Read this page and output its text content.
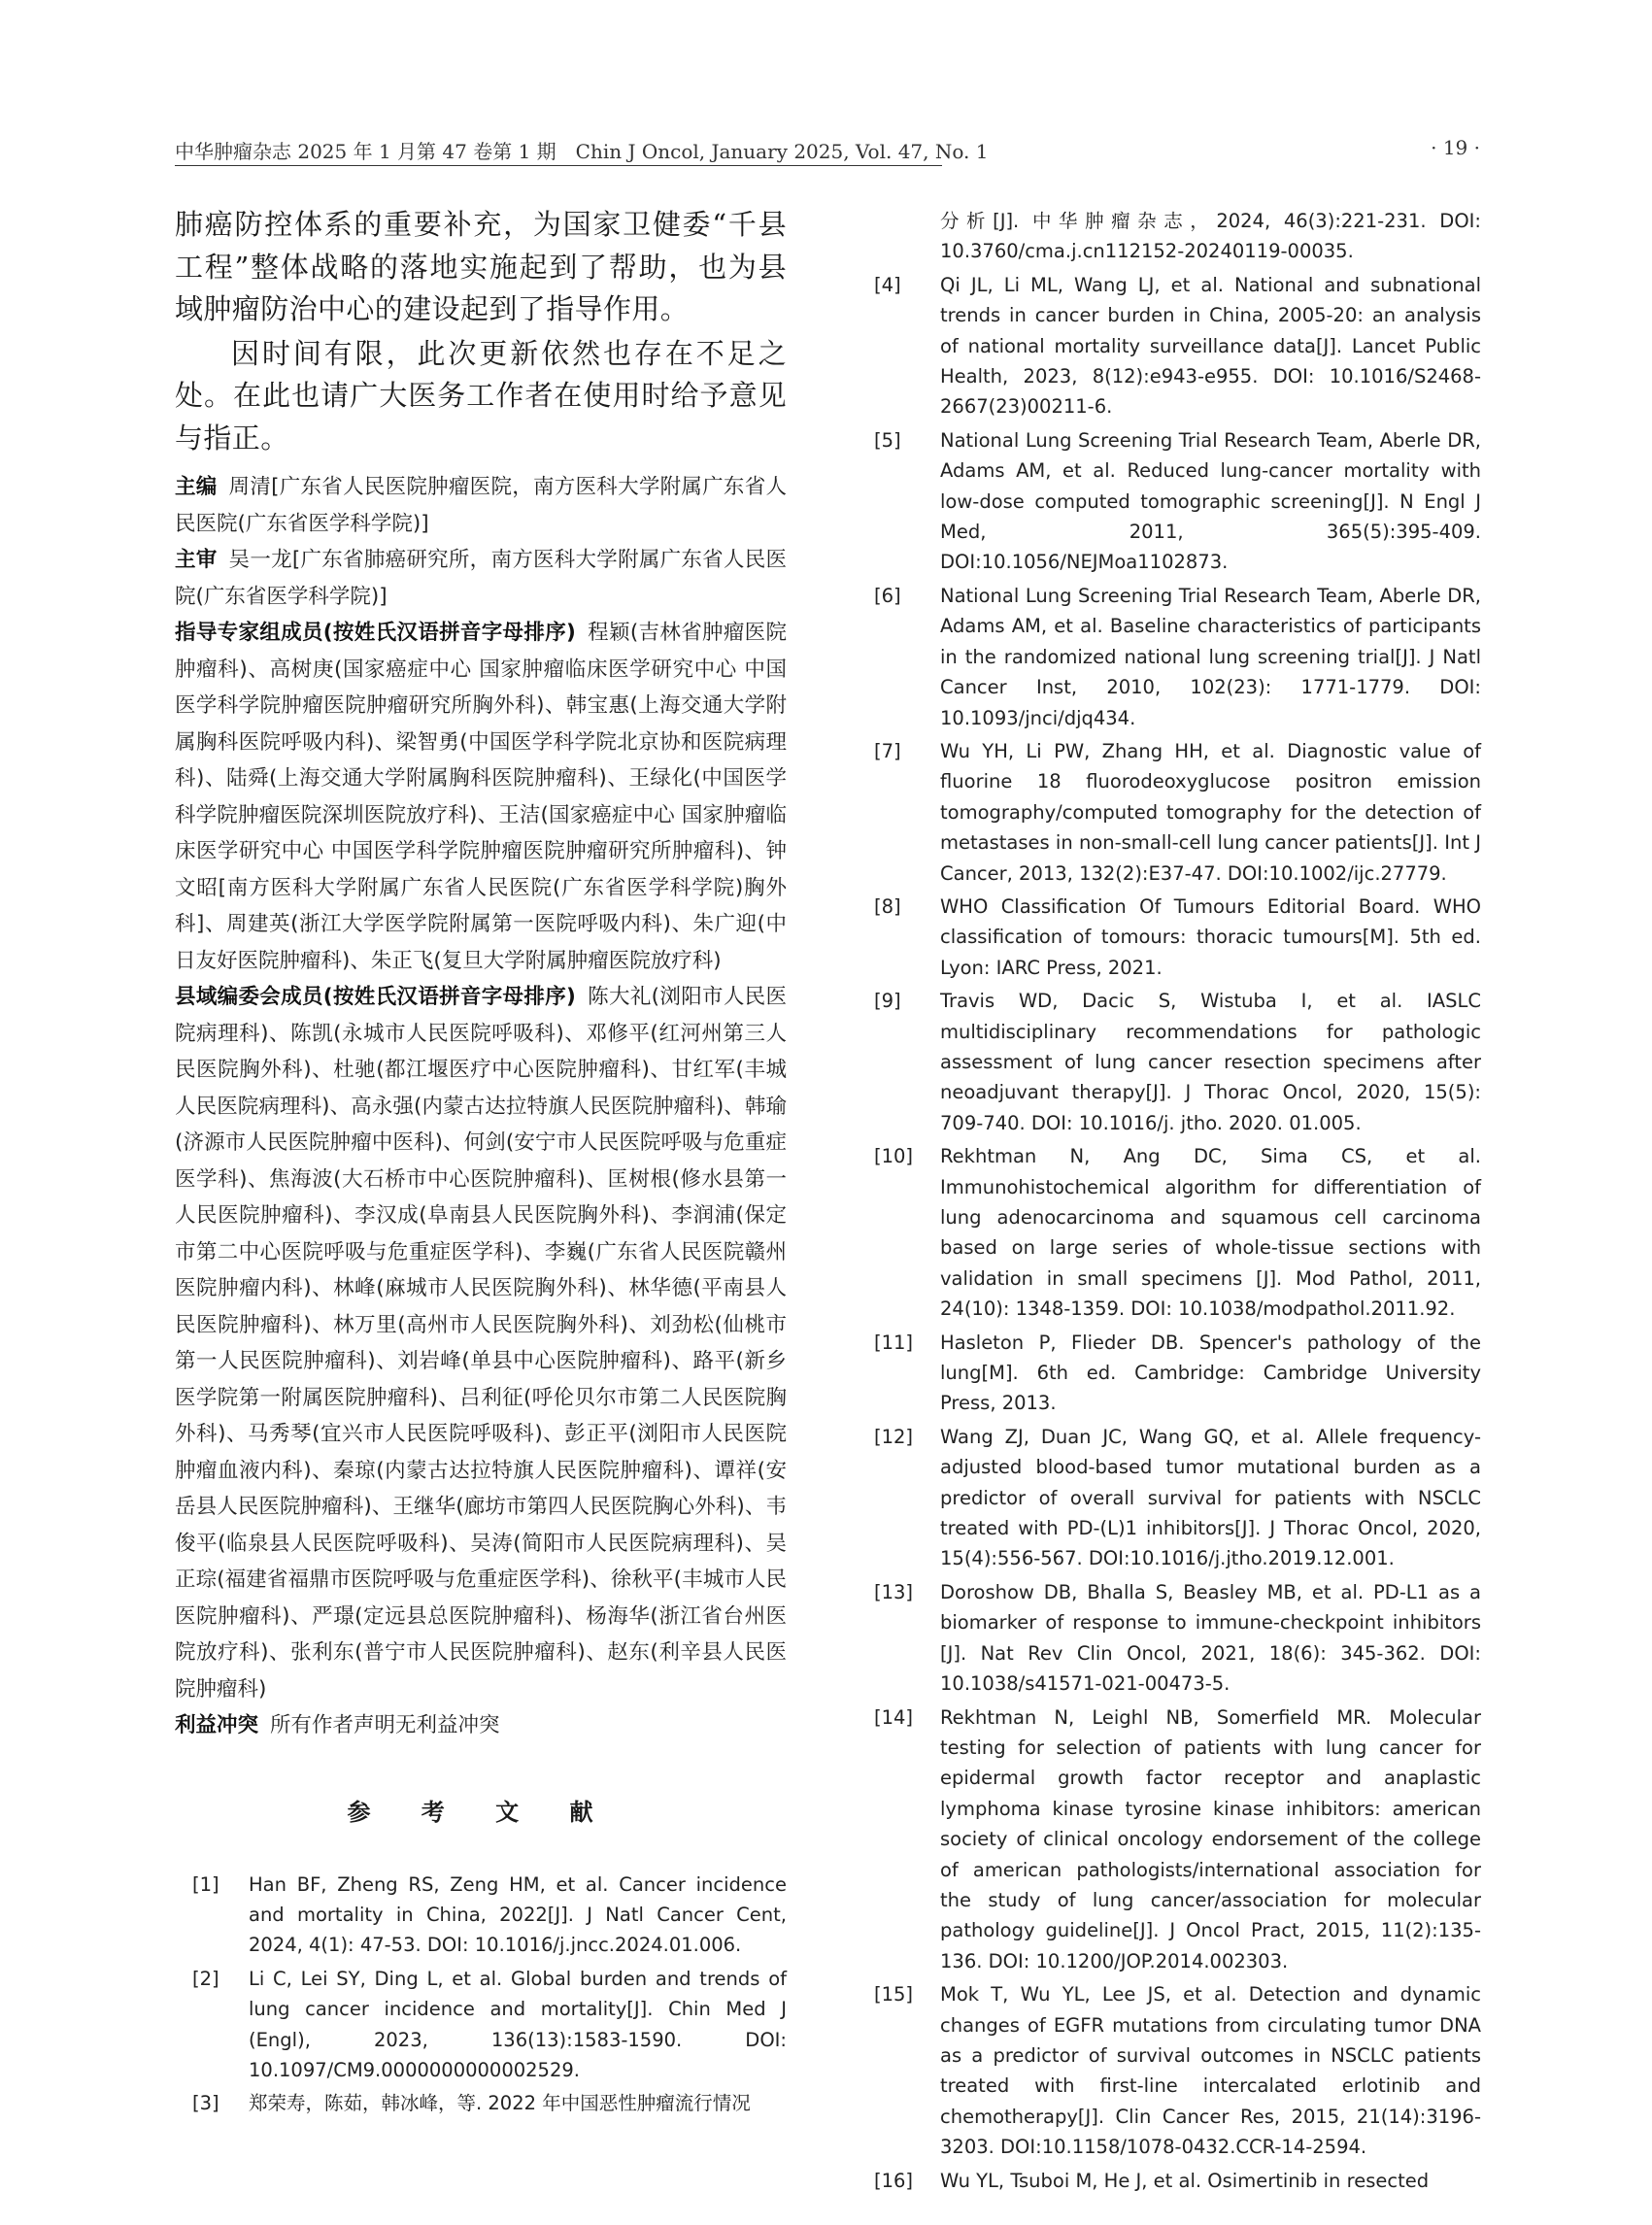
中华肿瘤杂志 2025 年 1 月第 47 卷第 1 期　Chin J Oncol, January 2025, Vol. 47, No. 1	· 19 ·

肺癌防控体系的重要补充，为国家卫健委“千县工程”整体战略的落地实施起到了帮助，也为县域肿瘤防治中心的建设起到了指导作用。

因时间有限，此次更新依然也存在不足之处。在此也请广大医务工作者在使用时给予意见与指正。

主编 周清[广东省人民医院肿瘤医院，南方医科大学附属广东省人民医院(广东省医学科学院)]

主审 吴一龙[广东省肺癌研究所，南方医科大学附属广东省人民医院(广东省医学科学院)]

指导专家组成员(按姓氏汉语拼音字母排序) 程颖(吉林省肿瘤医院肿瘤科)、高树庚(国家癌症中心 国家肿瘤临床医学研究中心 中国医学科学院肿瘤医院肿瘤研究所胸外科)、韩宝惠(上海交通大学附属胸科医院呼吸内科)、梁智勇(中国医学科学院北京协和医院病理科)、陆舜(上海交通大学附属胸科医院肿瘤科)、王绿化(中国医学科学院肿瘤医院深圳医院放疗科)、王洁(国家癌症中心 国家肿瘤临床医学研究中心 中国医学科学院肿瘤医院肿瘤研究所肿瘤科)、钟文昭[南方医科大学附属广东省人民医院(广东省医学科学院)胸外科]、周建英(浙江大学医学院附属第一医院呼吸内科)、朱广迎(中日友好医院肿瘤科)、朱正飞(复旦大学附属肿瘤医院放疗科)

县域编委会成员(按姓氏汉语拼音字母排序) 陈大礼(浏阳市人民医院病理科)、陈凯(永城市人民医院呼吸科)、邓修平(红河州第三人民医院胸外科)、杜驰(都江堰医疗中心医院肿瘤科)、甘红军(丰城人民医院病理科)、高永强(内蒙古达拉特旗人民医院肿瘤科)、韩瑜(济源市人民医院肿瘤中医科)、何剑(安宁市人民医院呼吸与危重症医学科)、焦海波(大石桥市中心医院肿瘤科)、匡树根(修水县第一人民医院肿瘤科)、李汉成(阜南县人民医院胸外科)、李润浦(保定市第二中心医院呼吸与危重症医学科)、李巍(广东省人民医院赣州医院肿瘤内科)、林峰(麻城市人民医院胸外科)、林华德(平南县人民医院肿瘤科)、林万里(高州市人民医院胸外科)、刘劲松(仙桃市第一人民医院肿瘤科)、刘岩峰(单县中心医院肿瘤科)、路平(新乡医学院第一附属医院肿瘤科)、吕利征(呼伦贝尔市第二人民医院胸外科)、马秀琴(宜兴市人民医院呼吸科)、彭正平(浏阳市人民医院肿瘤血液内科)、秦琼(内蒙古达拉特旗人民医院肿瘤科)、谭祥(安岳县人民医院肿瘤科)、王继华(廊坊市第四人民医院胸心外科)、韦俊平(临泉县人民医院呼吸科)、吴涛(简阳市人民医院病理科)、吴正琮(福建省福鼎市医院呼吸与危重症医学科)、徐秋平(丰城市人民医院肿瘤科)、严璟(定远县总医院肿瘤科)、杨海华(浙江省台州医院放疗科)、张利东(普宁市人民医院肿瘤科)、赵东(利辛县人民医院肿瘤科)

利益冲突 所有作者声明无利益冲突

参 考 文 献
[1]	Han BF, Zheng RS, Zeng HM, et al. Cancer incidence and mortality in China, 2022[J]. J Natl Cancer Cent, 2024, 4(1): 47-53. DOI: 10.1016/j.jncc.2024.01.006.
[2]	Li C, Lei SY, Ding L, et al. Global burden and trends of lung cancer incidence and mortality[J]. Chin Med J (Engl), 2023, 136(13):1583-1590. DOI: 10.1097/CM9.0000000000002529.
[3]	郑荣寿，陈茹，韩冰峰，等. 2022 年中国恶性肿瘤流行情况
分析[J]. 中华肿瘤杂志，2024, 46(3):221-231. DOI: 10.3760/cma.j.cn112152-20240119-00035.
[4]	Qi JL, Li ML, Wang LJ, et al. National and subnational trends in cancer burden in China, 2005-20: an analysis of national mortality surveillance data[J]. Lancet Public Health, 2023, 8(12):e943-e955. DOI: 10.1016/S2468-2667(23)00211-6.
[5]	National Lung Screening Trial Research Team, Aberle DR, Adams AM, et al. Reduced lung-cancer mortality with low-dose computed tomographic screening[J]. N Engl J Med, 2011, 365(5):395-409. DOI:10.1056/NEJMoa1102873.
[6]	National Lung Screening Trial Research Team, Aberle DR, Adams AM, et al. Baseline characteristics of participants in the randomized national lung screening trial[J]. J Natl Cancer Inst, 2010, 102(23): 1771-1779. DOI: 10.1093/jnci/djq434.
[7]	Wu YH, Li PW, Zhang HH, et al. Diagnostic value of fluorine 18 fluorodeoxyglucose positron emission tomography/computed tomography for the detection of metastases in non-small-cell lung cancer patients[J]. Int J Cancer, 2013, 132(2):E37-47. DOI:10.1002/ijc.27779.
[8]	WHO Classification Of Tumours Editorial Board. WHO classification of tomours: thoracic tumours[M]. 5th ed. Lyon: IARC Press, 2021.
[9]	Travis WD, Dacic S, Wistuba I, et al. IASLC multidisciplinary recommendations for pathologic assessment of lung cancer resection specimens after neoadjuvant therapy[J]. J Thorac Oncol, 2020, 15(5): 709-740. DOI: 10.1016/j. jtho. 2020. 01.005.
[10]	Rekhtman N, Ang DC, Sima CS, et al. Immunohistochemical algorithm for differentiation of lung adenocarcinoma and squamous cell carcinoma based on large series of whole-tissue sections with validation in small specimens [J]. Mod Pathol, 2011, 24(10): 1348-1359. DOI: 10.1038/modpathol.2011.92.
[11]	Hasleton P, Flieder DB. Spencer's pathology of the lung[M]. 6th ed. Cambridge: Cambridge University Press, 2013.
[12]	Wang ZJ, Duan JC, Wang GQ, et al. Allele frequency-adjusted blood-based tumor mutational burden as a predictor of overall survival for patients with NSCLC treated with PD-(L)1 inhibitors[J]. J Thorac Oncol, 2020, 15(4):556-567. DOI:10.1016/j.jtho.2019.12.001.
[13]	Doroshow DB, Bhalla S, Beasley MB, et al. PD-L1 as a biomarker of response to immune-checkpoint inhibitors [J]. Nat Rev Clin Oncol, 2021, 18(6): 345-362. DOI: 10.1038/s41571-021-00473-5.
[14]	Rekhtman N, Leighl NB, Somerfield MR. Molecular testing for selection of patients with lung cancer for epidermal growth factor receptor and anaplastic lymphoma kinase tyrosine kinase inhibitors: american society of clinical oncology endorsement of the college of american pathologists/international association for the study of lung cancer/association for molecular pathology guideline[J]. J Oncol Pract, 2015, 11(2):135-136. DOI: 10.1200/JOP.2014.002303.
[15]	Mok T, Wu YL, Lee JS, et al. Detection and dynamic changes of EGFR mutations from circulating tumor DNA as a predictor of survival outcomes in NSCLC patients treated with first-line intercalated erlotinib and chemotherapy[J]. Clin Cancer Res, 2015, 21(14):3196-3203. DOI:10.1158/1078-0432.CCR-14-2594.
[16]	Wu YL, Tsuboi M, He J, et al. Osimertinib in resected
